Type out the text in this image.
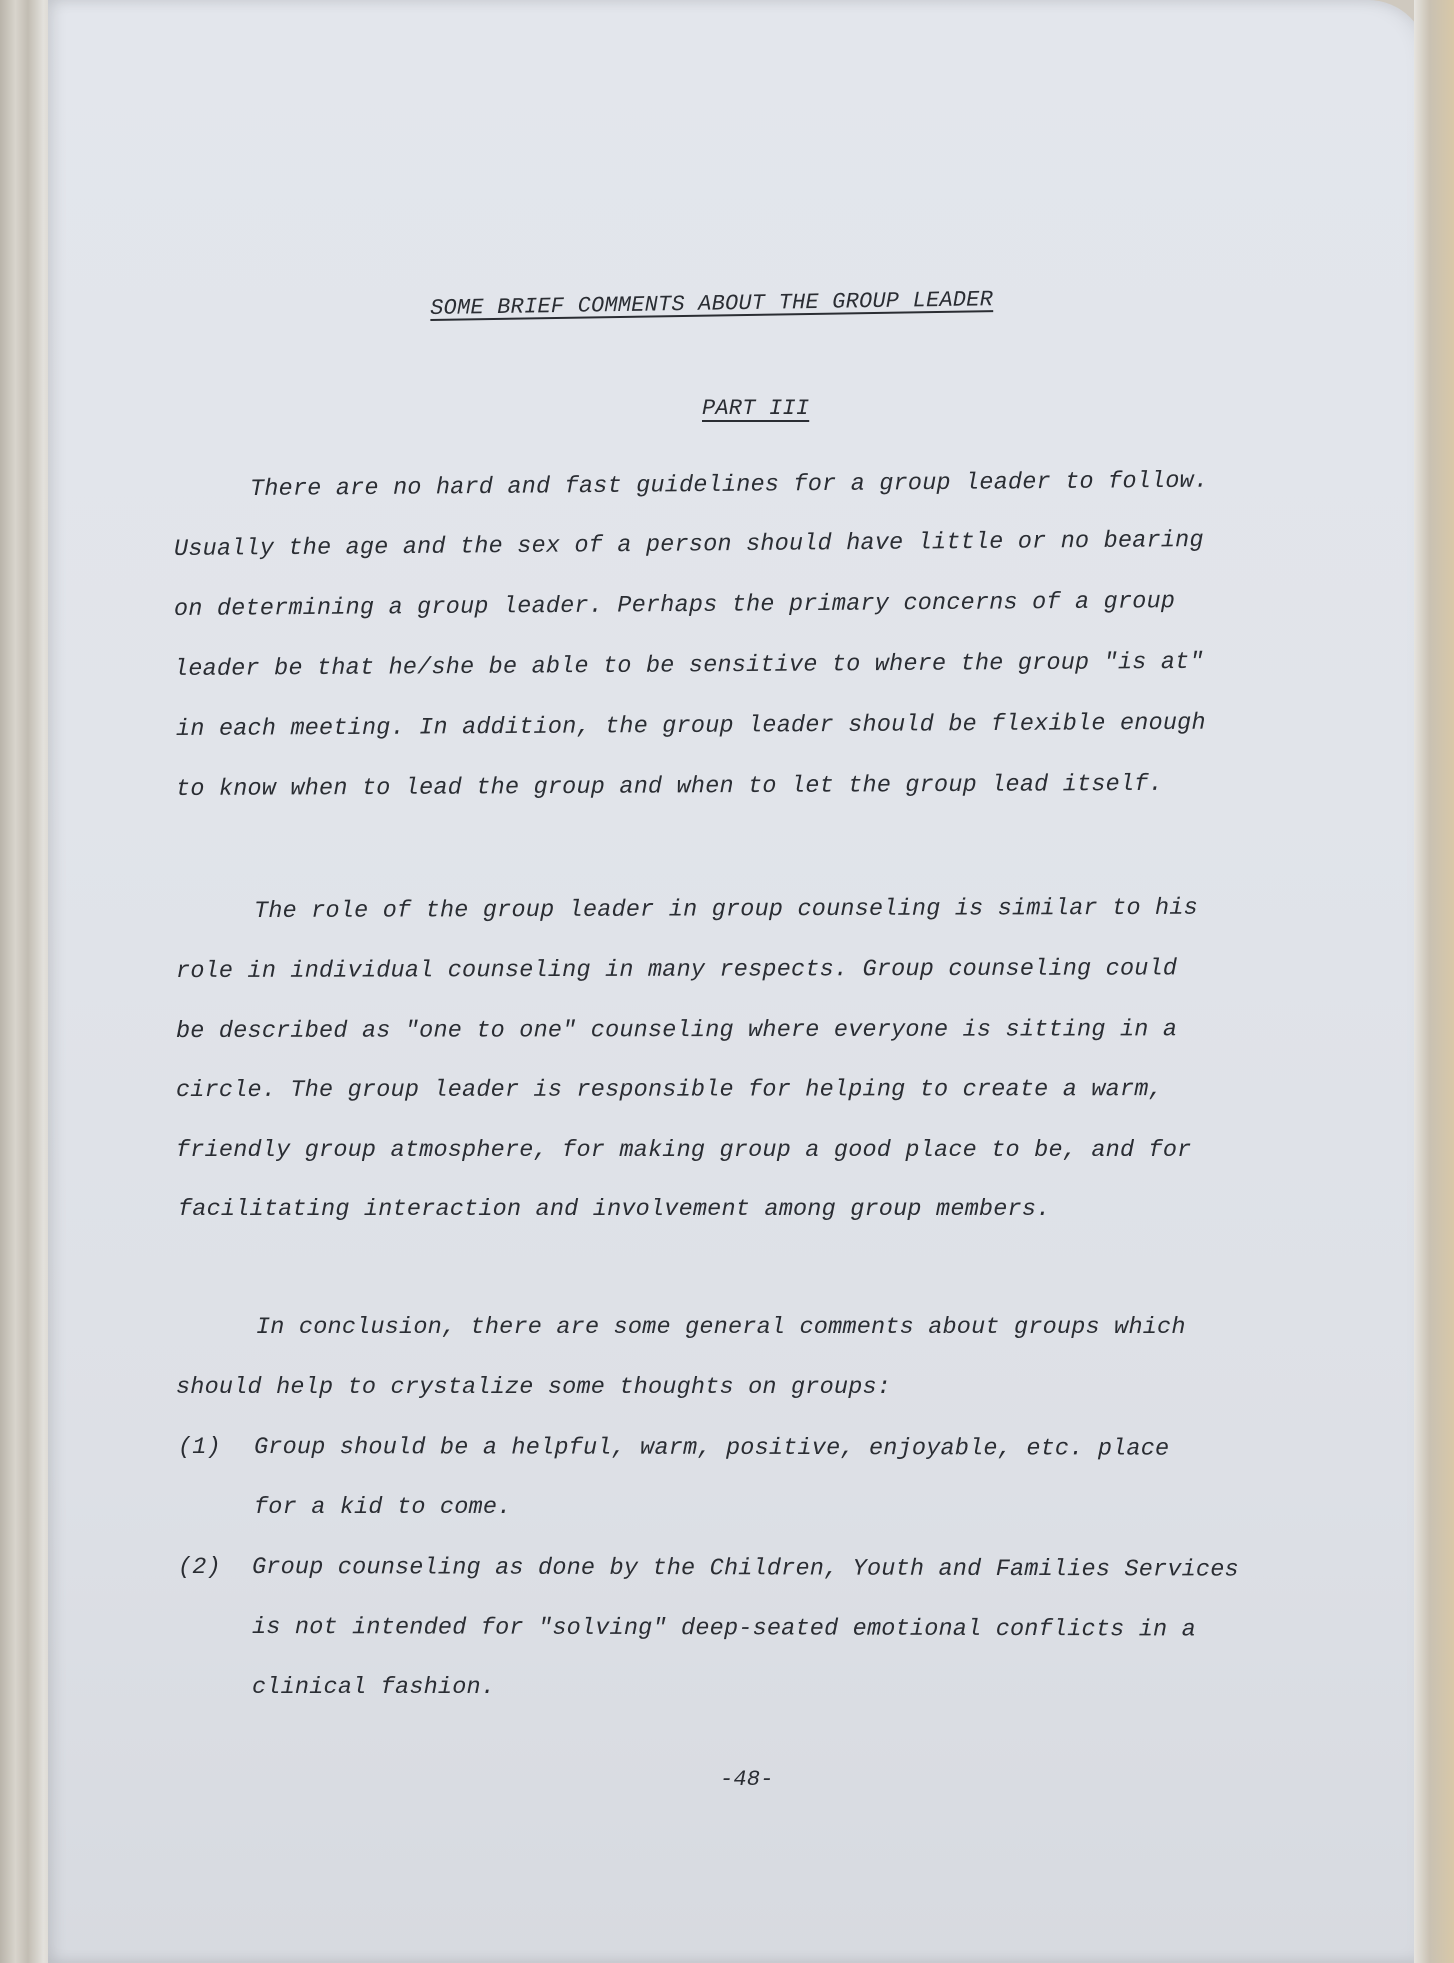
SOME BRIEF COMMENTS ABOUT THE GROUP LEADER
PART III
There are no hard and fast guidelines for a group leader to follow.
Usually the age and the sex of a person should have little or no bearing
on determining a group leader. Perhaps the primary concerns of a group
leader be that he/she be able to be sensitive to where the group "is at"
in each meeting. In addition, the group leader should be flexible enough
to know when to lead the group and when to let the group lead itself.
The role of the group leader in group counseling is similar to his
role in individual counseling in many respects. Group counseling could
be described as "one to one" counseling where everyone is sitting in a
circle. The group leader is responsible for helping to create a warm,
friendly group atmosphere, for making group a good place to be, and for
facilitating interaction and involvement among group members.
In conclusion, there are some general comments about groups which
should help to crystalize some thoughts on groups:
(1) Group should be a helpful, warm, positive, enjoyable, etc. place
for a kid to come.
(2) Group counseling as done by the Children, Youth and Families Services
is not intended for "solving" deep-seated emotional conflicts in a
clinical fashion.
-48-
